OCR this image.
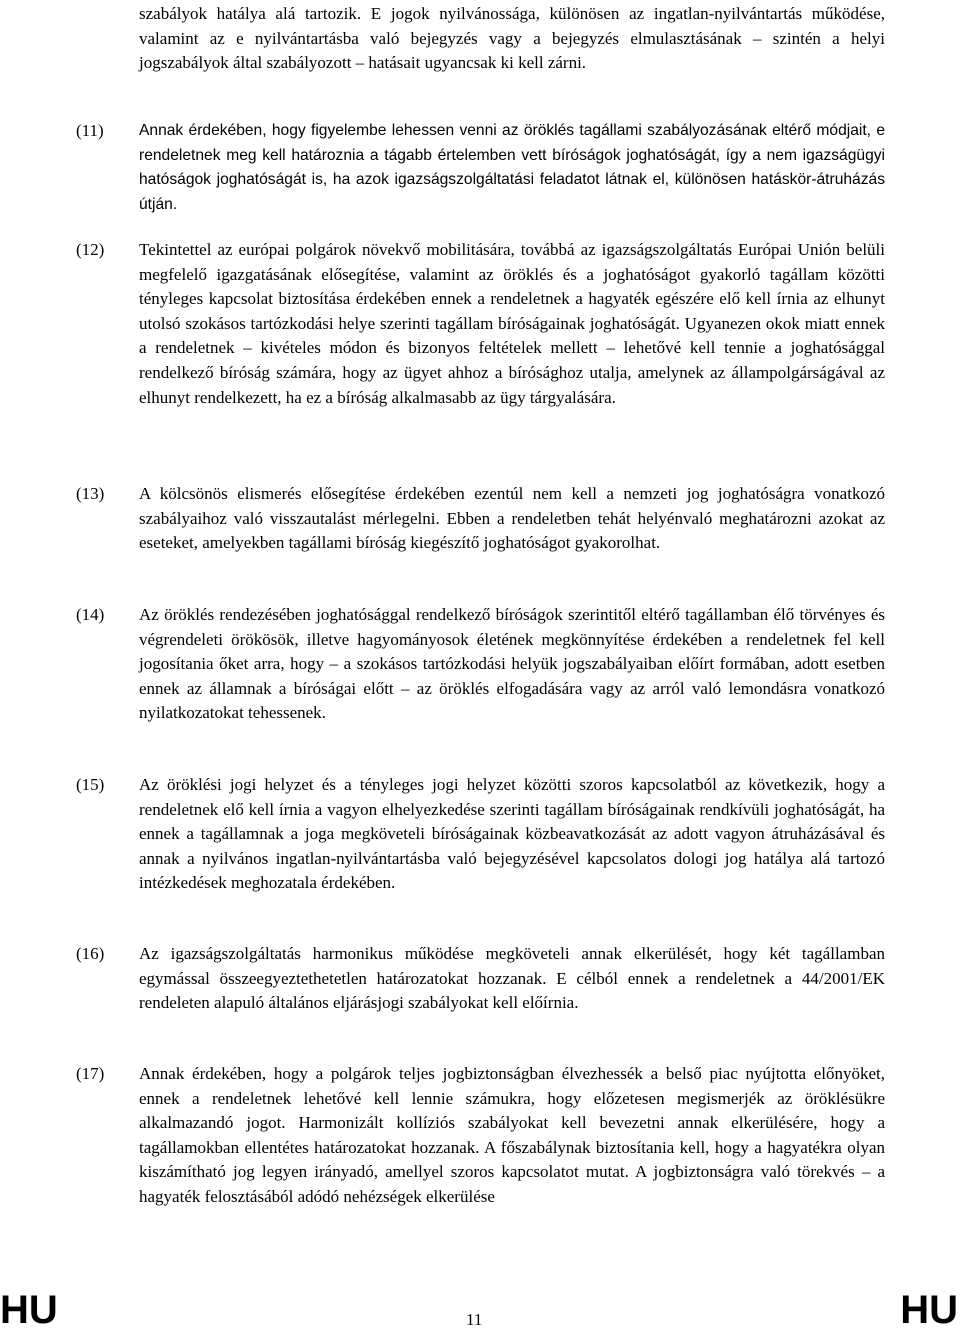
szabályok hatálya alá tartozik. E jogok nyilvánossága, különösen az ingatlan-nyilvántartás működése, valamint az e nyilvántartásba való bejegyzés vagy a bejegyzés elmulasztásának – szintén a helyi jogszabályok által szabályozott – hatásait ugyancsak ki kell zárni.

(11) Annak érdekében, hogy figyelembe lehessen venni az öröklés tagállami szabályozásának eltérő módjait, e rendeletnek meg kell határoznia a tágabb értelemben vett bíróságok joghatóságát, így a nem igazságügyi hatóságok joghatóságát is, ha azok igazságszolgáltatási feladatot látnak el, különösen hatáskör-átruházás útján.

(12) Tekintettel az európai polgárok növekvő mobilitására, továbbá az igazságszolgáltatás Európai Unión belüli megfelelő igazgatásának elősegítése, valamint az öröklés és a joghatóságot gyakorló tagállam közötti tényleges kapcsolat biztosítása érdekében ennek a rendeletnek a hagyaték egészére elő kell írnia az elhunyt utolsó szokásos tartózkodási helye szerinti tagállam bíróságainak joghatóságát. Ugyanezen okok miatt ennek a rendeletnek – kivételes módon és bizonyos feltételek mellett – lehetővé kell tennie a joghatósággal rendelkező bíróság számára, hogy az ügyet ahhoz a bírósághoz utalja, amelynek az állampolgárságával az elhunyt rendelkezett, ha ez a bíróság alkalmasabb az ügy tárgyalására.

(13) A kölcsönös elismerés elősegítése érdekében ezentúl nem kell a nemzeti jog joghatóságra vonatkozó szabályaihoz való visszautalást mérlegelni. Ebben a rendeletben tehát helyénvaló meghatározni azokat az eseteket, amelyekben tagállami bíróság kiegészítő joghatóságot gyakorolhat.

(14) Az öröklés rendezésében joghatósággal rendelkező bíróságok szerintitől eltérő tagállamban élő törvényes és végrendeleti örökösök, illetve hagyományosok életének megkönnyítése érdekében a rendeletnek fel kell jogosítania őket arra, hogy – a szokásos tartózkodási helyük jogszabályaiban előírt formában, adott esetben ennek az államnak a bíróságai előtt – az öröklés elfogadására vagy az arról való lemondásra vonatkozó nyilatkozatokat tehessenek.

(15) Az öröklési jogi helyzet és a tényleges jogi helyzet közötti szoros kapcsolatból az következik, hogy a rendeletnek elő kell írnia a vagyon elhelyezkedése szerinti tagállam bíróságainak rendkívüli joghatóságát, ha ennek a tagállamnak a joga megköveteli bíróságainak közbeavatkozását az adott vagyon átruházásával és annak a nyilvános ingatlan-nyilvántartásba való bejegyzésével kapcsolatos dologi jog hatálya alá tartozó intézkedések meghozatala érdekében.

(16) Az igazságszolgáltatás harmonikus működése megköveteli annak elkerülését, hogy két tagállamban egymással összeegyeztethetetlen határozatokat hozzanak. E célból ennek a rendeletnek a 44/2001/EK rendeleten alapuló általános eljárásjogi szabályokat kell előírnia.

(17) Annak érdekében, hogy a polgárok teljes jogbiztonságban élvezhessék a belső piac nyújtotta előnyöket, ennek a rendeletnek lehetővé kell lennie számukra, hogy előzetesen megismerjék az öröklésükre alkalmazandó jogot. Harmonizált kollíziós szabályokat kell bevezetni annak elkerülésére, hogy a tagállamokban ellentétes határozatokat hozzanak. A főszabálynak biztosítania kell, hogy a hagyatékra olyan kiszámítható jog legyen irányadó, amellyel szoros kapcsolatot mutat. A jogbiztonságra való törekvés – a hagyaték felosztásából adódó nehézségek elkerülése

HU	11	HU
